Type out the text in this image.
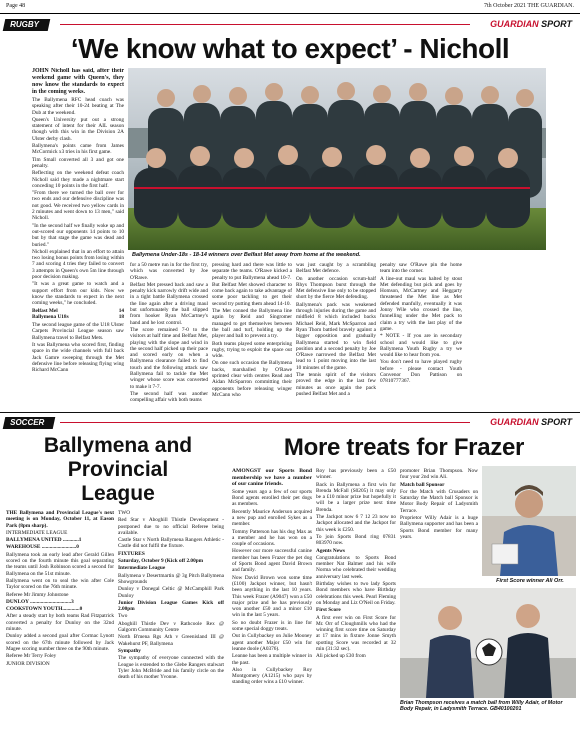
Page 48	7th October 2021 THE GUARDIAN.
RUGBY	GUARDIAN SPORT
‘We know what to expect’ - Nicholl

JOHN Nicholl has said, after their weekend game with Queen's, they now know the standards to expect in the coming weeks.

The Ballymena RFC head coach was speaking after their 10-24 beating at The Dub at the weekend.

Queen's University put out a strong statement of intent for their AIL season though with this win in the Division 2A Ulster derby clash.

Ballymena's points came from James McCormick x3 tries in his first game.

Tim Small converted all 3 and got one penalty.

Reflecting on the weekend defeat coach Nicholl said they made a nightmare start conceding 10 points in the first half.

"From there we turned the ball over for two ends and our defensive discipline was not good. We received two yellow cards in 2 minutes and went down to 13 men," said Nicholl.

"In the second half we finally woke up and out-scored our opponents 14 points to 10 but by that stage the game was dead and buried."

Nicholl explained that in an effort to attain two losing bonus points from losing within 7 and scoring 4 tries they failed to convert 3 attempts in Queen's own 5m line through poor decision making.

"It was a great game to watch and a support effort from our kids. Now we know the standards to expect in the next coming weeks," he concluded.

Belfast Mel	14
Ballymena U18s	18

The second league game of the U18 Ulster Carpets Provincial League season saw Ballymena travel to Belfast Mets.

It was Ballymena who scored first, finding space in the wide channels with full back Jack Gamre sweeping through the Met defensive line before releasing flying wing Richard McCann

Ballymena Under-18s - 18-14 winners over Belfast Met away from home at the weekend.

for a 50 metre run in for the first try, which was converted by Joe O'Rawe.

Belfast Met pressed back and saw a penalty kick narrowly drift wide and in a tight battle Ballymena crossed the line again after a driving maul but unfortunately the ball slipped from hooker Ryan McCartney's hand and he lost control.

The score remained 7-0 to the visitors at half time and Belfast Met, playing with the slope and wind in the second half picked up their pace and scored early on when a Ballymena clearance failed to find touch and the following attack saw Ballymena fail to tackle the Met winger whose score was converted to make it 7-7.

The second half was another compelling affair with both teams

pressing hard and there was little to separate the teams. O'Rawe kicked a penalty to put Ballymena ahead 10-7.

But Belfast Met showed character to come back again to take advantage of some poor tackling to get their second try putting them ahead 14-10.

The Met conned the Ballymena line again by Reid and Singromer managed to get themselves between the ball and turf, holding up the player and ball to prevent a try.

Both teams played some enterprising rugby, trying to exploit the space out wide.

On one such occasion the Ballymena backs, marshalled by O'Rawe sprinted clear with centres Read and Aidan McSparron committing their opponents before releasing winger McCann who

was just caught by a scrambling Belfast Met defence.

On another occasion scrum-half Rhys Thompson burst through the Met defensive line only to be stopped short by the fierce Met defending.

Ballymena's pack was weakened through injuries during the game and midfield 8 which included backs Michael Reid, Mark McSparron and Ryan Thom battled bravely against a bigger opposition and gradually Ballymena started to win field position and a second penalty by Joe O'Rawe narrowed the Belfast Met lead to 1 point moving into the last 10 minutes of the game.

The tennis spirit of the visitors proved the edge in the last few minutes as once again the pack pushed Belfast Met and a

penalty saw O'Rawe pin the home team into the corner.

A line-out maul was halted by stout Met defending but pick and goes by Homson, McCartney and Heggarty threatened the Met line as Met defended manfully, eventually it was Jonny Wile who crossed the line, funnelling under the Met pack to claim a try with the last play of the game.

* NOTE - If you are in secondary school and would like to give Ballymena Youth Rugby a try we would like to hear from you.

You don't need to have played rugby before - please contact Youth Convenor Don Pattison on 07810777367.

SOCCER	GUARDIAN SPORT
Ballymena and
Provincial
League

THE Ballymena and Provincial League's next meeting is on Monday, October 11, at Eason Park (8pm sharp).

INTERMEDIATE LEAGUE

BALLYMENA UNITED ............1

WAREHOUSE ..........................0

Ballymena took an early lead after Gerald Gillen scored on the fourth minute this goal separating the teams until Josh Robinson scored a second for Ballymena on the 51st minute.

Ballymena went on to seal the win after Cole Taylor scored on the 76th minute.

Referee Mr Jimmy Johnstone

DUNLOY ...............................3

COOKSTOWN YOUTH.............0

After a steady start by both teams Rad Fitzpatrick converted a penalty for Dunloy on the 32nd minute.

Dunloy added a second goal after Cormac Lynott scored on the 67th minute followed by Jack Magee scoring number three on the 90th minute.

Referee Mr Terry Foley

JUNIOR DIVISION

TWO

Red Star v Aboghill Thistle Development - postponed due to no official Referee being available.

Castle Star v North Ballymena Rangers Athletic - Castle did not fulfil the fixture.

FIXTURES

Saturday, October 9 (Kick off 2.00pm

Intermediate League

Ballymena v Desertmartin @ 3g Pitch Ballymena Showgrounds

Dunloy v Donegal Celtic @ McCamphill Park Dunloy

Junior Division League Games Kick off 2.00pm

Two

Aboghill Thistle Dev v Rathcoole Rex @ Galgorm Community Centre

North B'mena Rgs Ath v Greenisland III @ Wakehurst PF, Ballymena

Sympathy

The sympathy of everyone connected with the League is extended to the Glebe Rangers stalwart Tyler John McBride and his family circle on the death of his mother Yvonne.

More treats for Frazer

AMONGST our Sports Bond membership we have a number of our canine friends.

Some years ago a few of our sports Bond agents enrolled their pet dogs as members.

Recently Maurice Anderson acquired a new pup and enrolled Sykes as a member.

Tommy Patterson has his dog Max as a member and he has won on a couple of occasions.

However our more successful canine member has been Frazer the pet dog of Sports Bond agent David Brown and family.

Now David Brown won some time (£100) Jackpot winner, but hasn't been anything in the last 10 years. This week Frazer (A9047) won a £50 major prize and he has previously won another £50 and a minor £10 win in the last 5 years.

So no doubt Frazer is in line for some special doggy treats.

Out in Cullybackey on Julie Mooney agent another Major £50 win for leanne doole (A0376).

Leanne has been a multiple winner in the past.

Also in Cullybackey Roy Montgomery (A1215) who pays by standing order wins a £10 winner.

Roy has previously been a £50 winner.

Back in Ballymena a first win for Brenda McFall (S0205) it may only be a £10 minor prize but hopefully it will be a larger prize next time Brenda.

The Jackpot now 6 7 12 23 now no Jackpot allocated and the Jackpot for this week is £250.

To join Sports Bond ring 07831 803970 now.

Agents News

Congratulations to Sports Bond member Nat Balmer and his wife Norma who celebrated their wedding anniversary last week.

Birthday wishes to two lady Sports Bond members who have Birthday celebrations this week. Pearl Fleming on Monday and Liz O'Neil on Friday.

First Score

A first ever win on First Score for Mr. Orr of Cloughmills who had the winning first score time on Saturday at 17 mins in fixture Jonne Smyth spotting Score was recorded at 32 min (31:32 sec).

Ali picked up £30 from

promoter Brian Thompson. Now four your 2nd win Ali.

Match ball Sponsor

For the Match with Crusaders on Saturday the Match ball Sponsor is Motor Body Repair of Ladysmith Terrace.

Proprietor Willy Adair is a huge Ballymena supporter and has been a Sports Bond member for many years.

First Score winner Ali Orr.
Brian Thompson receives a match ball from Willy Adair, of Motor Body Repair, in Ladysmith Terrace. GB40100201
